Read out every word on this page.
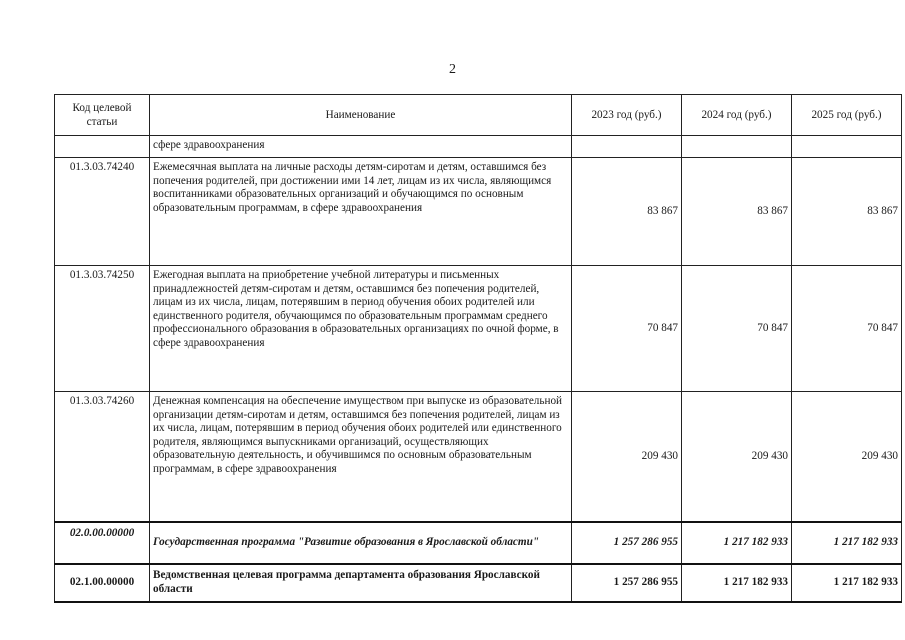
2
Код целевой статьи	Наименование	2023 год (руб.)	2024 год (руб.)	2025 год (руб.)
	сфере здравоохранения			
01.3.03.74240	Ежемесячная выплата на личные расходы детям-сиротам и детям, оставшимся без попечения родителей, при достижении ими 14 лет, лицам из их числа, являющимся воспитанниками образовательных организаций и обучающимся по основным образовательным программам, в сфере здравоохранения	83 867	83 867	83 867
01.3.03.74250	Ежегодная выплата на приобретение учебной литературы и письменных принадлежностей детям-сиротам и детям, оставшимся без попечения родителей, лицам из их числа, лицам, потерявшим в период обучения обоих родителей или единственного родителя, обучающимся по образовательным программам среднего профессионального образования в образовательных организациях по очной форме, в сфере здравоохранения	70 847	70 847	70 847
01.3.03.74260	Денежная компенсация на обеспечение имуществом при выпуске из образовательной организации детям-сиротам и детям, оставшимся без попечения родителей, лицам из их числа, лицам, потерявшим в период обучения обоих родителей или единственного родителя, являющимся выпускниками организаций, осуществляющих образовательную деятельность, и обучившимся по основным образовательным программам, в сфере здравоохранения	209 430	209 430	209 430
02.0.00.00000	Государственная программа "Развитие образования в Ярославской области"	1 257 286 955	1 217 182 933	1 217 182 933
02.1.00.00000	Ведомственная целевая программа департамента образования Ярославской области	1 257 286 955	1 217 182 933	1 217 182 933
